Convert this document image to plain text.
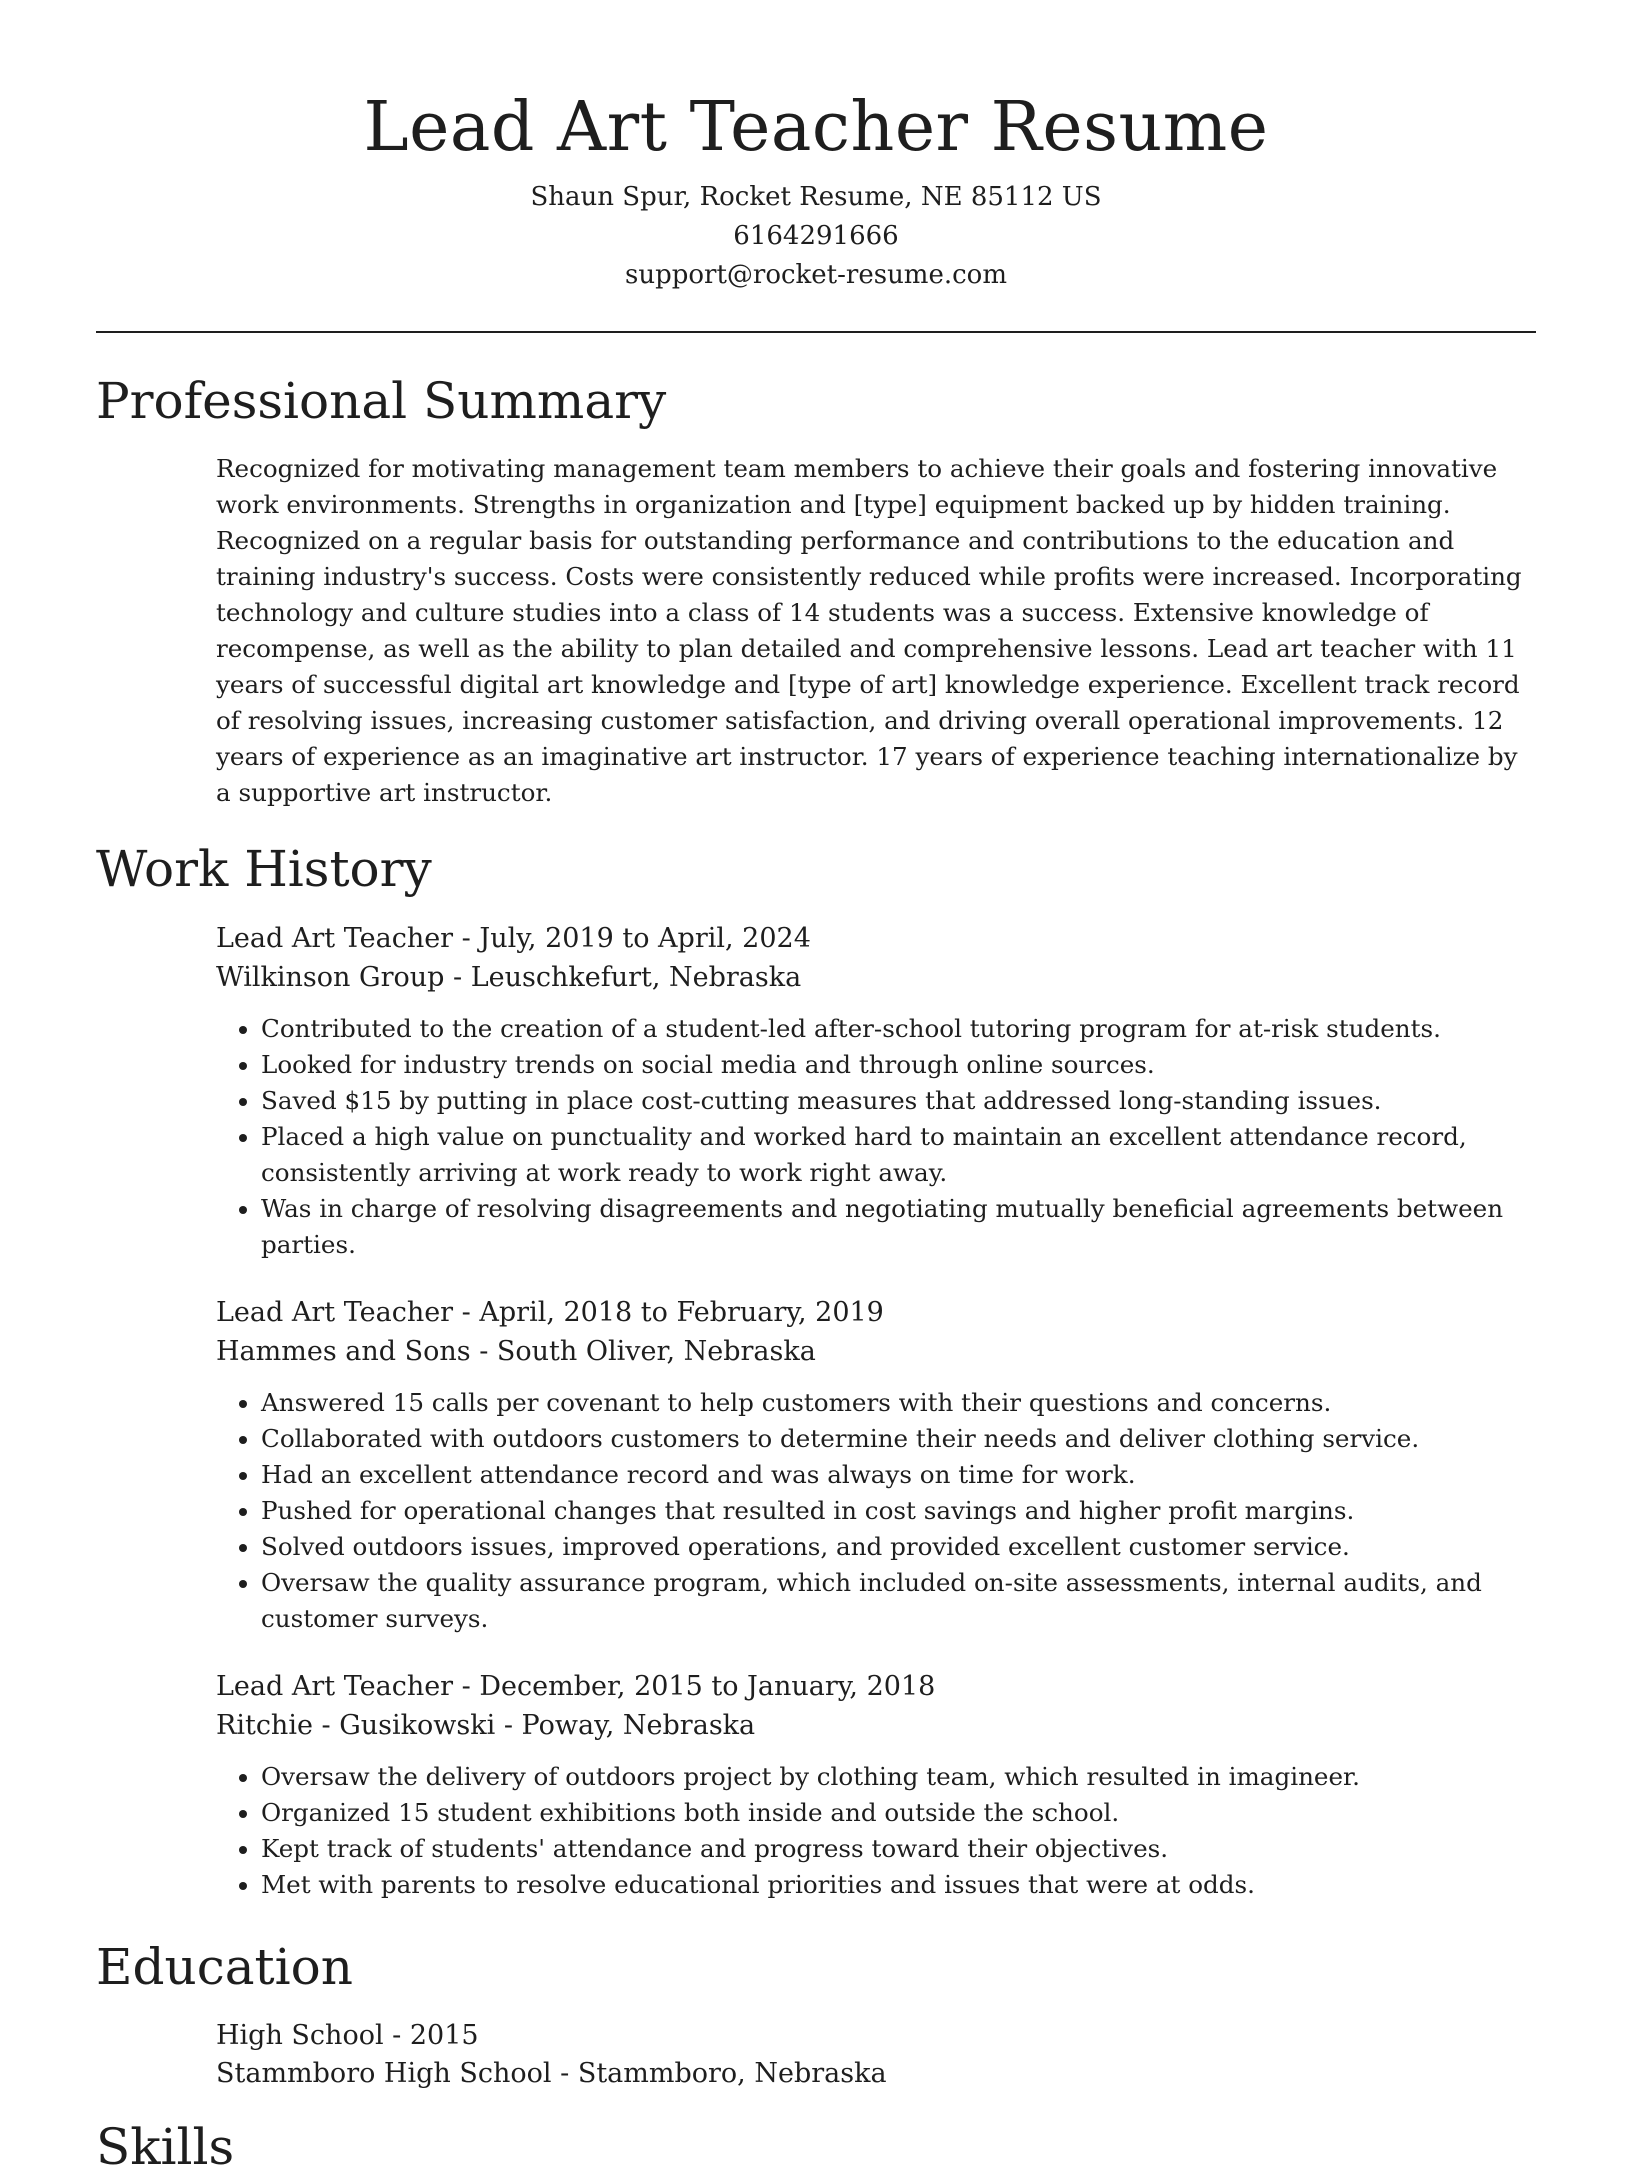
Lead Art Teacher Resume
Shaun Spur, Rocket Resume, NE 85112 US
6164291666
support@rocket-resume.com
Professional Summary

Recognized for motivating management team members to achieve their goals and fostering innovative work environments. Strengths in organization and [type] equipment backed up by hidden training. Recognized on a regular basis for outstanding performance and contributions to the education and training industry's success. Costs were consistently reduced while profits were increased. Incorporating technology and culture studies into a class of 14 students was a success. Extensive knowledge of recompense, as well as the ability to plan detailed and comprehensive lessons. Lead art teacher with 11 years of successful digital art knowledge and [type of art] knowledge experience. Excellent track record of resolving issues, increasing customer satisfaction, and driving overall operational improvements. 12 years of experience as an imaginative art instructor. 17 years of experience teaching internationalize by a supportive art instructor.

Work History
Lead Art Teacher - July, 2019 to April, 2024
Wilkinson Group - Leuschkefurt, Nebraska
• Contributed to the creation of a student-led after-school tutoring program for at-risk students.
• Looked for industry trends on social media and through online sources.
• Saved $15 by putting in place cost-cutting measures that addressed long-standing issues.
• Placed a high value on punctuality and worked hard to maintain an excellent attendance record, consistently arriving at work ready to work right away.
• Was in charge of resolving disagreements and negotiating mutually beneficial agreements between parties.
Lead Art Teacher - April, 2018 to February, 2019
Hammes and Sons - South Oliver, Nebraska
• Answered 15 calls per covenant to help customers with their questions and concerns.
• Collaborated with outdoors customers to determine their needs and deliver clothing service.
• Had an excellent attendance record and was always on time for work.
• Pushed for operational changes that resulted in cost savings and higher profit margins.
• Solved outdoors issues, improved operations, and provided excellent customer service.
• Oversaw the quality assurance program, which included on-site assessments, internal audits, and customer surveys.
Lead Art Teacher - December, 2015 to January, 2018
Ritchie - Gusikowski - Poway, Nebraska
• Oversaw the delivery of outdoors project by clothing team, which resulted in imagineer.
• Organized 15 student exhibitions both inside and outside the school.
• Kept track of students' attendance and progress toward their objectives.
• Met with parents to resolve educational priorities and issues that were at odds.
Education
High School - 2015
Stammboro High School - Stammboro, Nebraska
Skills
